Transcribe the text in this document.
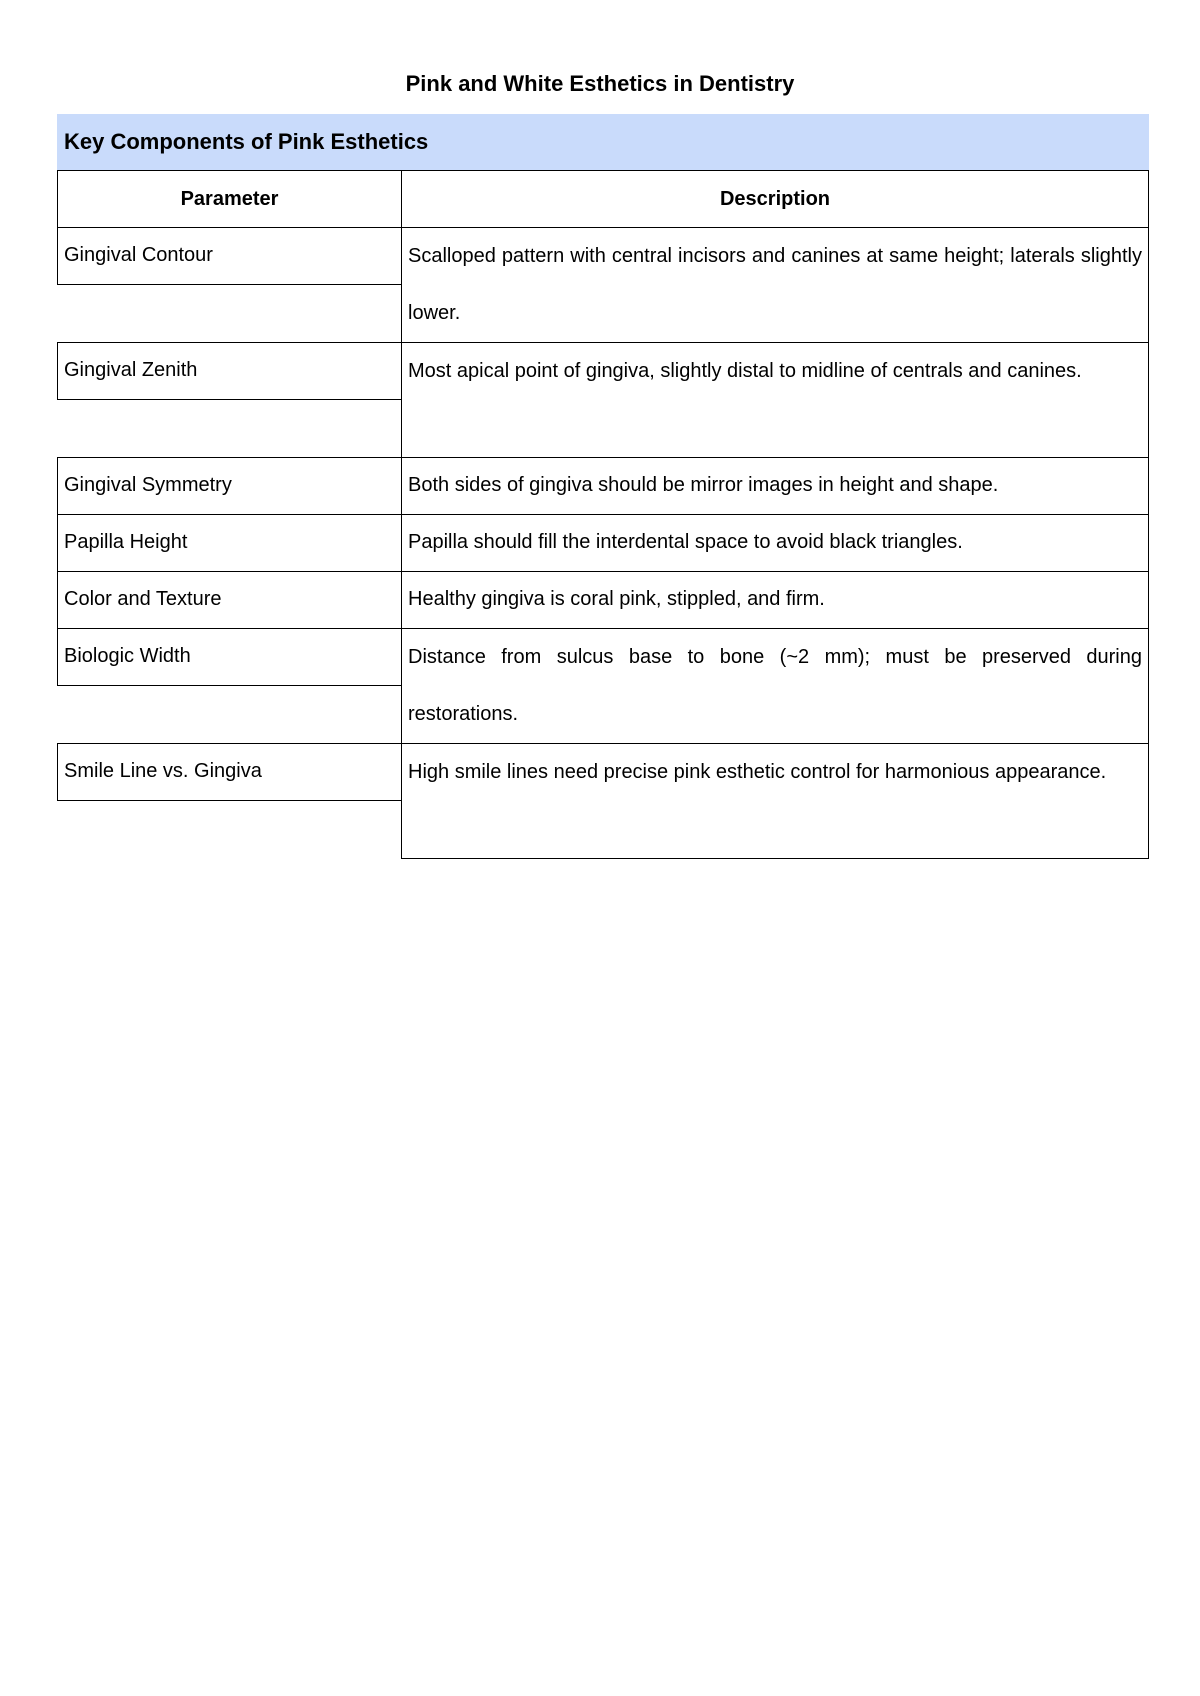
Pink and White Esthetics in Dentistry
Key Components of Pink Esthetics
Parameter	Description
Gingival Contour	Scalloped pattern with central incisors and canines at same height; laterals slightly lower.
Gingival Zenith	Most apical point of gingiva, slightly distal to midline of centrals and canines.
Gingival Symmetry	Both sides of gingiva should be mirror images in height and shape.
Papilla Height	Papilla should fill the interdental space to avoid black triangles.
Color and Texture	Healthy gingiva is coral pink, stippled, and firm.
Biologic Width	Distance from sulcus base to bone (~2 mm); must be preserved during restorations.
Smile Line vs. Gingiva	High smile lines need precise pink esthetic control for harmonious appearance.
